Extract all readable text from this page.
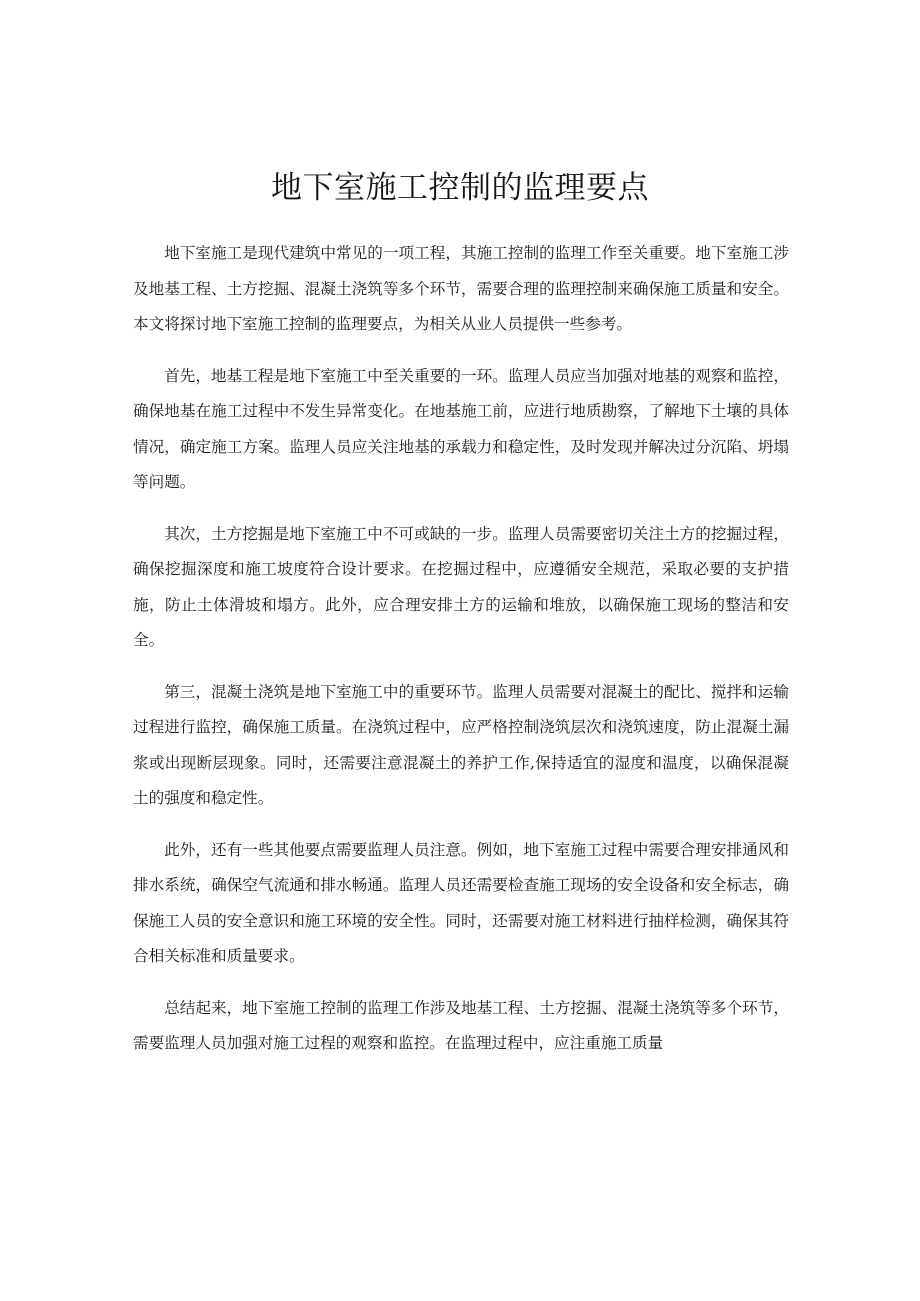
地下室施工控制的监理要点

地下室施工是现代建筑中常见的一项工程，其施工控制的监理工作至关重要。地下室施工涉及地基工程、土方挖掘、混凝土浇筑等多个环节，需要合理的监理控制来确保施工质量和安全。本文将探讨地下室施工控制的监理要点，为相关从业人员提供一些参考。

首先，地基工程是地下室施工中至关重要的一环。监理人员应当加强对地基的观察和监控，确保地基在施工过程中不发生异常变化。在地基施工前，应进行地质勘察，了解地下土壤的具体情况，确定施工方案。监理人员应关注地基的承载力和稳定性，及时发现并解决过分沉陷、坍塌等问题。

其次，土方挖掘是地下室施工中不可或缺的一步。监理人员需要密切关注土方的挖掘过程，确保挖掘深度和施工坡度符合设计要求。在挖掘过程中，应遵循安全规范，采取必要的支护措施，防止土体滑坡和塌方。此外，应合理安排土方的运输和堆放，以确保施工现场的整洁和安全。

第三，混凝土浇筑是地下室施工中的重要环节。监理人员需要对混凝土的配比、搅拌和运输过程进行监控，确保施工质量。在浇筑过程中，应严格控制浇筑层次和浇筑速度，防止混凝土漏浆或出现断层现象。同时，还需要注意混凝土的养护工作,保持适宜的湿度和温度，以确保混凝土的强度和稳定性。

此外，还有一些其他要点需要监理人员注意。例如，地下室施工过程中需要合理安排通风和排水系统，确保空气流通和排水畅通。监理人员还需要检查施工现场的安全设备和安全标志，确保施工人员的安全意识和施工环境的安全性。同时，还需要对施工材料进行抽样检测，确保其符合相关标准和质量要求。

总结起来，地下室施工控制的监理工作涉及地基工程、土方挖掘、混凝土浇筑等多个环节，需要监理人员加强对施工过程的观察和监控。在监理过程中，应注重施工质量
